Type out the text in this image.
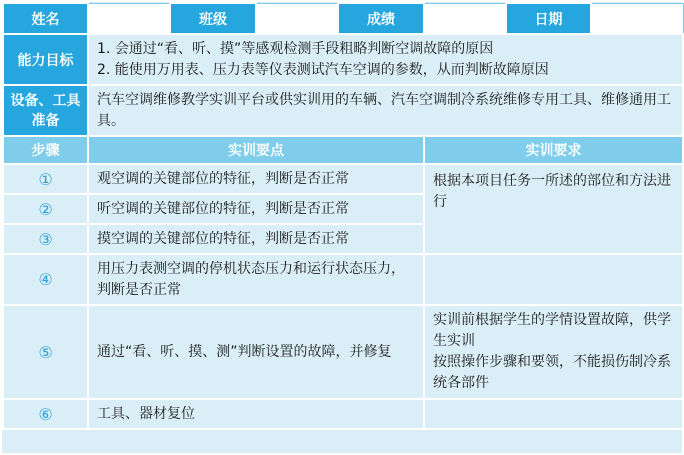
姓名		班级		成绩		日期	
能力目标	1. 会通过“看、听、摸”等感观检测手段粗略判断空调故障的原因
2. 能使用万用表、压力表等仪表测试汽车空调的参数，从而判断故障原因						

设备、工具准备	汽车空调维修教学实训平台或供实训用的车辆、汽车空调制冷系统维修专用工具、维修通用工具。						

步骤	实训要点				实训要求		
①	观空调的关键部位的特征，判断是否正常				根据本项目任务一所述的部位和方法进行		

②	听空调的关键部位的特征，判断是否正常						

③	摸空调的关键部位的特征，判断是否正常						

④	用压力表测空调的停机状态压力和运行状态压力，判断是否正常						

⑤	通过“看、听、摸、测”判断设置的故障，并修复				实训前根据学生的学情设置故障，供学生实训
按照操作步骤和要领，不能损伤制冷系统各部件		

⑥	工具、器材复位						
